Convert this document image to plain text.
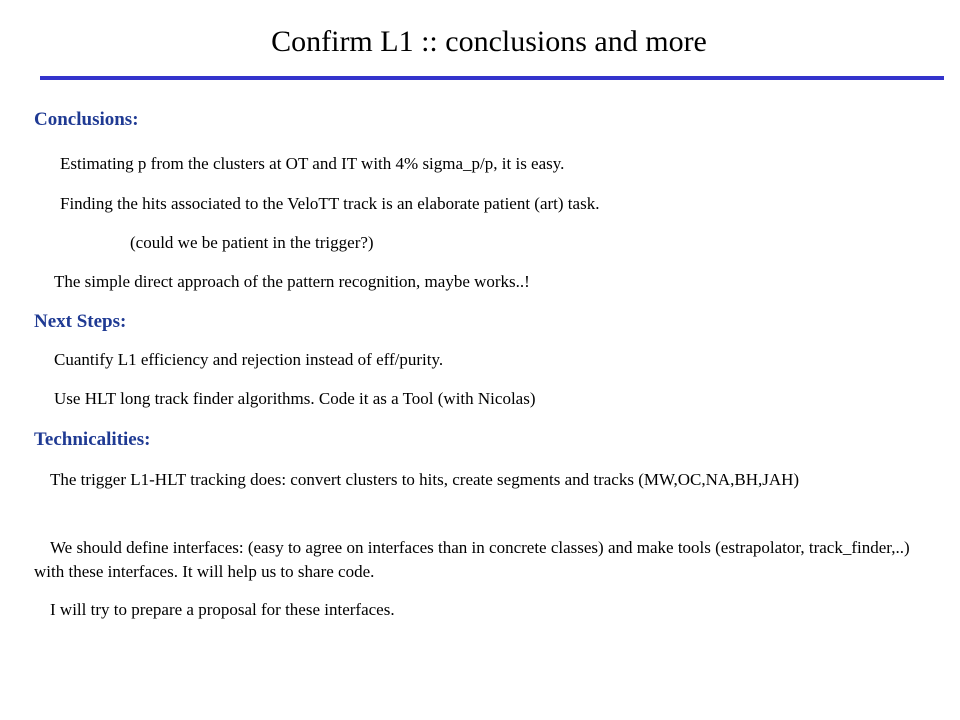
Confirm L1 :: conclusions and more
Conclusions:

Estimating p from the clusters at OT and IT with 4% sigma_p/p, it is easy.

Finding the hits associated to the VeloTT track is an elaborate patient (art) task.

(could we be patient in the trigger?)

The simple direct approach of the pattern recognition, maybe works..!

Next Steps:

Cuantify L1 efficiency and rejection instead of eff/purity.

Use HLT long track finder algorithms. Code it as a Tool (with Nicolas)

Technicalities:

The trigger L1-HLT tracking does: convert clusters to hits, create segments and tracks (MW,OC,NA,BH,JAH)

We should define interfaces: (easy to agree on interfaces than in concrete classes) and make tools (estrapolator, track_finder,..) with these interfaces. It will help us to share code.

I will try to prepare a proposal for these interfaces.
